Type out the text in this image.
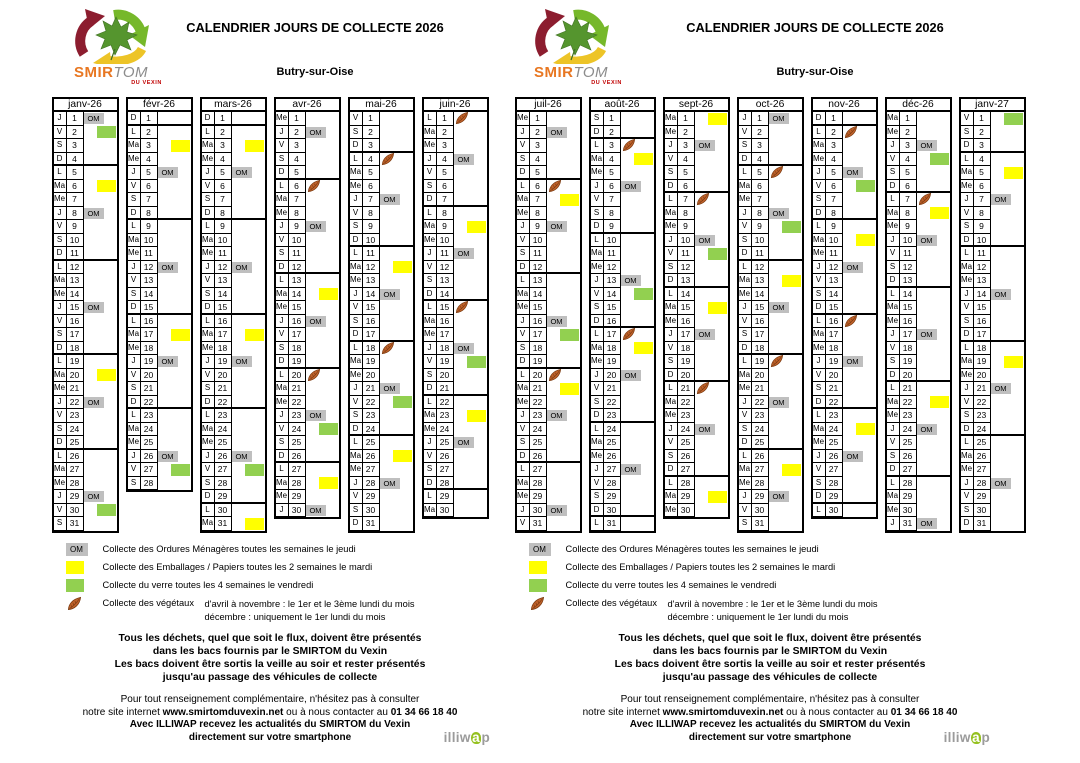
SMIRTOM
DU VEXIN
CALENDRIER JOURS DE COLLECTE 2026
Butry-sur-Oise
janv-26
J	1	OM
V	2
S	3
D	4
L	5
Ma 6
Me 7
J	8	OM
V	9
S 10
D 11
L 12
Ma 13
Me 14
J 15	OM
V 16
S 17
D 18
L 19
Ma 20
Me 21
J 22	OM
V 23
S 24
D 25
L 26
Ma 27
Me 28
J 29	OM
V 30
S 31
févr-26
D	1
L	2
Ma 3
Me 4
J	5	OM
V	6
S	7
D	8
L	9
Ma 10
Me 11
J 12	OM
V 13
S 14
D 15
L 16
Ma 17
Me 18
J 19	OM
V 20
S 21
D 22
L 23
Ma 24
Me 25
J 26	OM
V 27
S 28
mars-26
D	1
L	2
Ma 3
Me 4
J	5	OM
V	6
S	7
D	8
L	9
Ma 10
Me 11
J 12	OM
V 13
S 14
D 15
L 16
Ma 17
Me 18
J 19	OM
V 20
S 21
D 22
L 23
Ma 24
Me 25
J 26	OM
V 27
S 28
D 29
L 30
Ma 31
avr-26
Me 1
J	2	OM
V	3
S	4
D	5
L	6
Ma 7
Me 8
J	9	OM
V 10
S 11
D 12
L 13
Ma 14
Me 15
J 16	OM
V 17
S 18
D 19
L 20
Ma 21
Me 22
J 23	OM
V 24
S 25
D 26
L 27
Ma 28
Me 29
J 30	OM
mai-26
V	1
S	2
D	3
L	4
Ma 5
Me 6
J	7	OM
V	8
S	9
D 10
L 11
Ma 12
Me 13
J 14	OM
V 15
S 16
D 17
L 18
Ma 19
Me 20
J 21	OM
V 22
S 23
D 24
L 25
Ma 26
Me 27
J 28	OM
V 29
S 30
D 31
juin-26
L	1
Ma 2
Me 3
J	4	OM
V	5
S	6
D	7
L	8
Ma 9
Me 10
J	11	OM
V 12
S 13
D 14
L 15
Ma 16
Me 17
J 18	OM
V 19
S 20
D 21
L 22
Ma 23
Me 24
J 25	OM
V 26
S 27
D 28
L 29
Ma 30
OM	Collecte des Ordures Ménagères toutes les semaines le jeudi
Collecte des Emballages / Papiers toutes les 2 semaines le mardi
Collecte du verre toutes les 4 semaines le vendredi
Collecte des végétaux	d'avril à novembre : le 1er et le 3ème lundi du mois
décembre : uniquement le 1er lundi du mois
Tous les déchets, quel que soit le flux, doivent être présentés
dans les bacs fournis par le SMIRTOM du Vexin
Les bacs doivent être sortis la veille au soir et rester présentés
jusqu'au passage des véhicules de collecte
Pour tout renseignement complémentaire, n'hésitez pas à consulter
notre site internet www.smirtomduvexin.net ou à nous contacter au 01 34 66 18 40
Avec ILLIWAP recevez les actualités du SMIRTOM du Vexin
directement sur votre smartphone	illiw a p
SMIRTOM
DU VEXIN
CALENDRIER JOURS DE COLLECTE 2026
Butry-sur-Oise
juil-26
Me 1
J	2	OM
V	3
S	4
D	5
L	6
Ma 7
Me 8
J	9	OM
V 10
S 11
D 12
L 13
Ma 14
Me 15
J 16	OM
V 17
S 18
D 19
L 20
Ma 21
Me 22
J 23	OM
V 24
S 25
D 26
L 27
Ma 28
Me 29
J 30	OM
V 31
août-26
S	1
D	2
L	3
Ma 4
Me 5
J	6	OM
V	7
S	8
D	9
L 10
Ma 11
Me 12
J 13	OM
V 14
S 15
D 16
L 17
Ma 18
Me 19
J 20	OM
V 21
S 22
D 23
L 24
Ma 25
Me 26
J 27	OM
V 28
S 29
D 30
L 31
sept-26
Ma 1
Me 2
J	3	OM
V	4
S	5
D	6
L	7
Ma 8
Me 9
J 10	OM
V 11
S 12
D 13
L 14
Ma 15
Me 16
J 17	OM
V 18
S 19
D 20
L 21
Ma 22
Me 23
J 24	OM
V 25
S 26
D 27
L 28
Ma 29
Me 30
oct-26
J	1	OM
V	2
S	3
D	4
L	5
Ma 6
Me 7
J	8	OM
V	9
S 10
D 11
L 12
Ma 13
Me 14
J 15	OM
V 16
S 17
D 18
L 19
Ma 20
Me 21
J 22	OM
V 23
S 24
D 25
L 26
Ma 27
Me 28
J 29	OM
V 30
S 31
nov-26
D	1
L	2
Ma 3
Me 4
J	5	OM
V	6
S	7
D	8
L	9
Ma 10
Me 11
J 12	OM
V 13
S 14
D 15
L 16
Ma 17
Me 18
J 19	OM
V 20
S 21
D 22
L 23
Ma 24
Me 25
J 26	OM
V 27
S 28
D 29
L 30
déc-26
Ma 1
Me 2
J	3	OM
V	4
S	5
D	6
L	7
Ma 8
Me 9
J 10	OM
V 11
S 12
D 13
L 14
Ma 15
Me 16
J 17	OM
V 18
S 19
D 20
L 21
Ma 22
Me 23
J 24	OM
V 25
S 26
D 27
L 28
Ma 29
Me 30
J 31	OM
janv-27
V	1
S	2
D	3
L	4
Ma 5
Me 6
J	7	OM
V	8
S	9
D 10
L 11
Ma 12
Me 13
J 14	OM
V 15
S 16
D 17
L 18
Ma 19
Me 20
J 21	OM
V 22
S 23
D 24
L 25
Ma 26
Me 27
J 28	OM
V 29
S 30
D 31
OM	Collecte des Ordures Ménagères toutes les semaines le jeudi
Collecte des Emballages / Papiers toutes les 2 semaines le mardi
Collecte du verre toutes les 4 semaines le vendredi
Collecte des végétaux	d'avril à novembre : le 1er et le 3ème lundi du mois
décembre : uniquement le 1er lundi du mois
Tous les déchets, quel que soit le flux, doivent être présentés
dans les bacs fournis par le SMIRTOM du Vexin
Les bacs doivent être sortis la veille au soir et rester présentés
jusqu'au passage des véhicules de collecte
Pour tout renseignement complémentaire, n'hésitez pas à consulter
notre site internet www.smirtomduvexin.net ou à nous contacter au 01 34 66 18 40
Avec ILLIWAP recevez les actualités du SMIRTOM du Vexin
directement sur votre smartphone	illiw a p
